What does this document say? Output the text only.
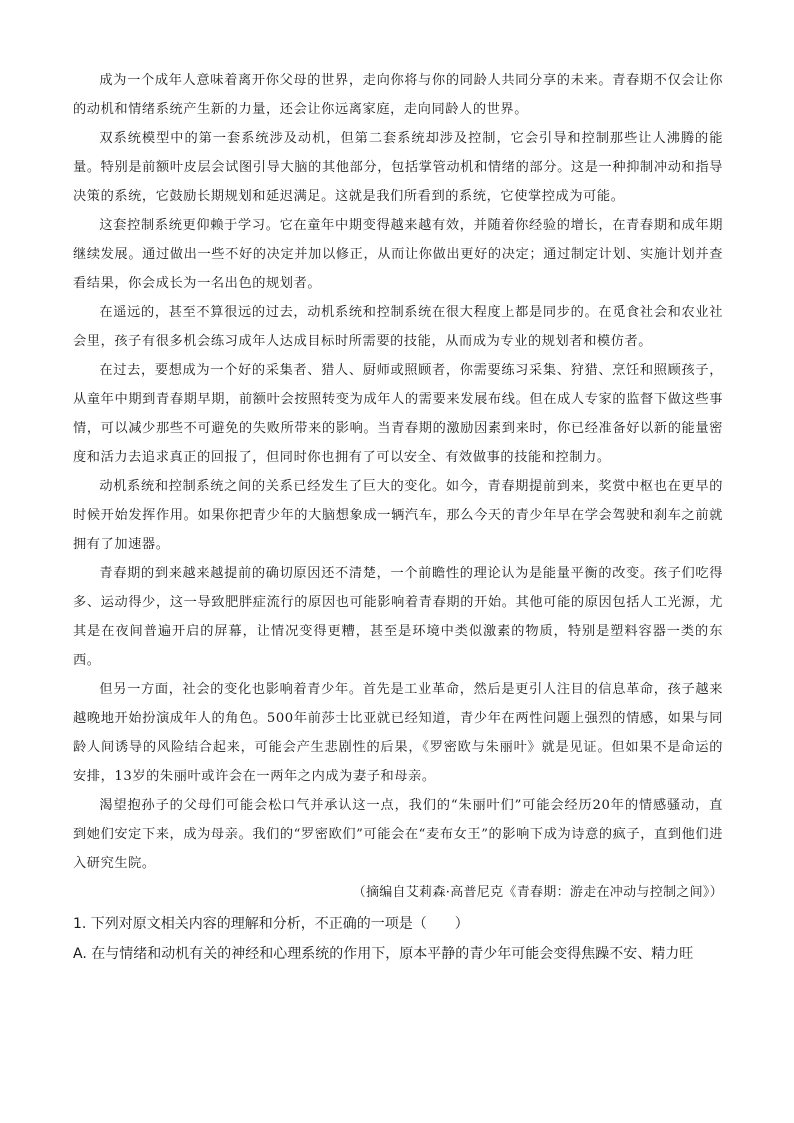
成为一个成年人意味着离开你父母的世界，走向你将与你的同龄人共同分享的未来。青春期不仅会让你的动机和情绪系统产生新的力量，还会让你远离家庭，走向同龄人的世界。

双系统模型中的第一套系统涉及动机，但第二套系统却涉及控制，它会引导和控制那些让人沸腾的能量。特别是前额叶皮层会试图引导大脑的其他部分，包括掌管动机和情绪的部分。这是一种抑制冲动和指导决策的系统，它鼓励长期规划和延迟满足。这就是我们所看到的系统，它使掌控成为可能。

这套控制系统更仰赖于学习。它在童年中期变得越来越有效，并随着你经验的增长，在青春期和成年期继续发展。通过做出一些不好的决定并加以修正，从而让你做出更好的决定；通过制定计划、实施计划并查看结果，你会成长为一名出色的规划者。

在遥远的，甚至不算很远的过去，动机系统和控制系统在很大程度上都是同步的。在觅食社会和农业社会里，孩子有很多机会练习成年人达成目标时所需要的技能，从而成为专业的规划者和模仿者。

在过去，要想成为一个好的采集者、猎人、厨师或照顾者，你需要练习采集、狩猎、烹饪和照顾孩子，从童年中期到青春期早期，前额叶会按照转变为成年人的需要来发展布线。但在成人专家的监督下做这些事情，可以减少那些不可避免的失败所带来的影响。当青春期的激励因素到来时，你已经准备好以新的能量密度和活力去追求真正的回报了，但同时你也拥有了可以安全、有效做事的技能和控制力。

动机系统和控制系统之间的关系已经发生了巨大的变化。如今，青春期提前到来，奖赏中枢也在更早的时候开始发挥作用。如果你把青少年的大脑想象成一辆汽车，那么今天的青少年早在学会驾驶和刹车之前就拥有了加速器。

青春期的到来越来越提前的确切原因还不清楚，一个前瞻性的理论认为是能量平衡的改变。孩子们吃得多、运动得少，这一导致肥胖症流行的原因也可能影响着青春期的开始。其他可能的原因包括人工光源，尤其是在夜间普遍开启的屏幕，让情况变得更糟，甚至是环境中类似激素的物质，特别是塑料容器一类的东西。

但另一方面，社会的变化也影响着青少年。首先是工业革命，然后是更引人注目的信息革命，孩子越来越晚地开始扮演成年人的角色。500年前莎士比亚就已经知道，青少年在两性问题上强烈的情感，如果与同龄人间诱导的风险结合起来，可能会产生悲剧性的后果，《罗密欧与朱丽叶》就是见证。但如果不是命运的安排，13岁的朱丽叶或许会在一两年之内成为妻子和母亲。

渴望抱孙子的父母们可能会松口气并承认这一点，我们的“朱丽叶们”可能会经历20年的情感骚动，直到她们安定下来，成为母亲。我们的“罗密欧们”可能会在“麦布女王”的影响下成为诗意的疯子，直到他们进入研究生院。

（摘编自艾莉森·高普尼克《青春期：游走在冲动与控制之间》）

1. 下列对原文相关内容的理解和分析，不正确的一项是（　　）

A. 在与情绪和动机有关的神经和心理系统的作用下，原本平静的青少年可能会变得焦躁不安、精力旺
